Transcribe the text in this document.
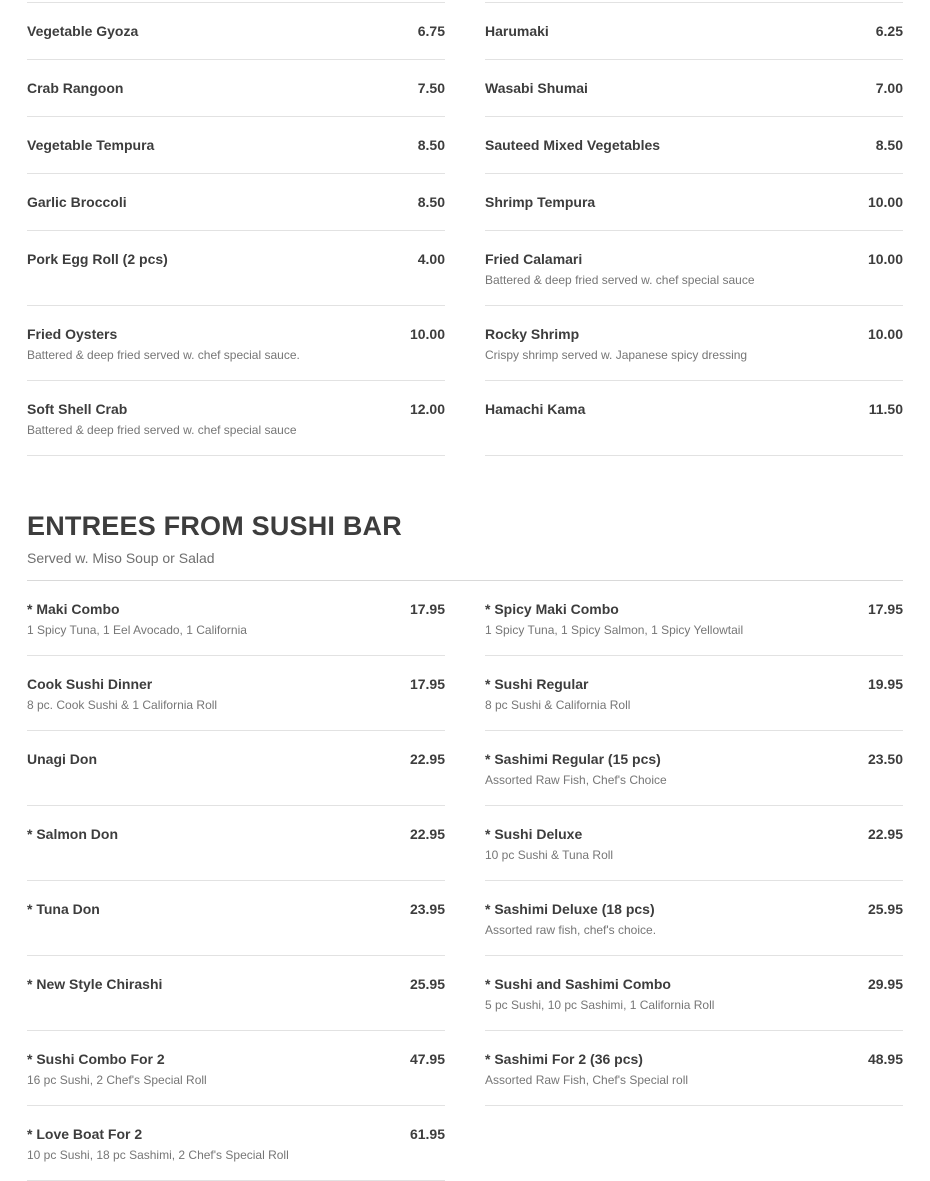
Vegetable Gyoza	6.75	Harumaki	6.25
Crab Rangoon	7.50	Wasabi Shumai	7.00
Vegetable Tempura	8.50	Sauteed Mixed Vegetables	8.50
Garlic Broccoli	8.50	Shrimp Tempura	10.00
Pork Egg Roll (2 pcs)	4.00	Fried Calamari	10.00
Battered & deep fried served w. chef special sauce
Fried Oysters	10.00
Battered & deep fried served w. chef special sauce.
Rocky Shrimp	10.00
Crispy shrimp served w. Japanese spicy dressing
Soft Shell Crab	12.00
Battered & deep fried served w. chef special sauce
Hamachi Kama	11.50
ENTREES FROM SUSHI BAR
Served w. Miso Soup or Salad
* Maki Combo	17.95
1 Spicy Tuna, 1 Eel Avocado, 1 California
* Spicy Maki Combo	17.95
1 Spicy Tuna, 1 Spicy Salmon, 1 Spicy Yellowtail
Cook Sushi Dinner	17.95
8 pc. Cook Sushi & 1 California Roll
* Sushi Regular	19.95
8 pc Sushi & California Roll
Unagi Don	22.95	* Sashimi Regular (15 pcs)	23.50
Assorted Raw Fish, Chef's Choice
* Salmon Don	22.95	* Sushi Deluxe	22.95
10 pc Sushi & Tuna Roll
* Tuna Don	23.95	* Sashimi Deluxe (18 pcs)	25.95
Assorted raw fish, chef's choice.
* New Style Chirashi	25.95	* Sushi and Sashimi Combo	29.95
5 pc Sushi, 10 pc Sashimi, 1 California Roll
* Sushi Combo For 2	47.95
16 pc Sushi, 2 Chef's Special Roll
* Sashimi For 2 (36 pcs)	48.95
Assorted Raw Fish, Chef's Special roll
* Love Boat For 2	61.95
10 pc Sushi, 18 pc Sashimi, 2 Chef's Special Roll
